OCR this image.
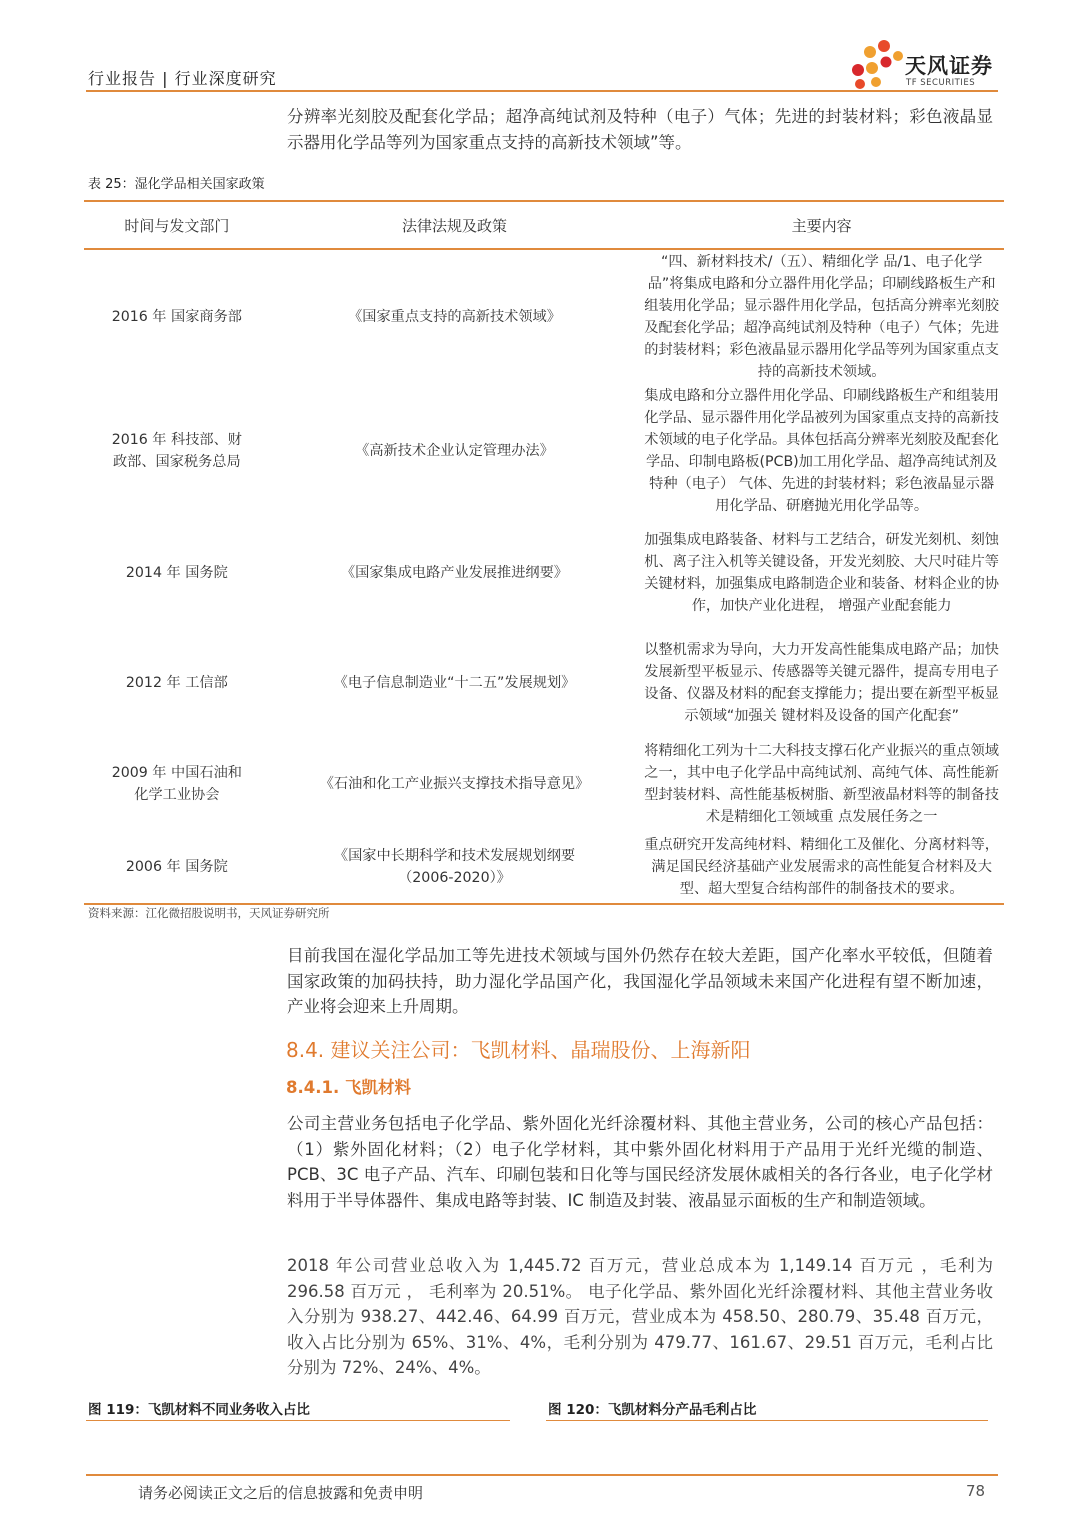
行业报告 | 行业深度研究
天风证券
TF SECURITIES
分辨率光刻胶及配套化学品；超净高纯试剂及特种（电子）气体；先进的封装材料；彩色液晶显示器用化学品等列为国家重点支持的高新技术领域”等。
表 25：湿化学品相关国家政策
时间与发文部门	法律法规及政策	主要内容
2016 年 国家商务部	《国家重点支持的高新技术领域》	“四、新材料技术/（五）、精细化学 品/1、电子化学品”将集成电路和分立器件用化学品；印刷线路板生产和组装用化学品；显示器件用化学品，包括高分辨率光刻胶及配套化学品；超净高纯试剂及特种（电子）气体；先进的封装材料；彩色液晶显示器用化学品等列为国家重点支持的高新技术领域。
2016 年 科技部、财政部、国家税务总局	《高新技术企业认定管理办法》	集成电路和分立器件用化学品、印刷线路板生产和组装用化学品、显示器件用化学品被列为国家重点支持的高新技术领域的电子化学品。具体包括高分辨率光刻胶及配套化学品、印制电路板(PCB)加工用化学品、超净高纯试剂及特种（电子） 气体、先进的封装材料；彩色液晶显示器用化学品、研磨抛光用化学品等。
2014 年 国务院	《国家集成电路产业发展推进纲要》	加强集成电路装备、材料与工艺结合，研发光刻机、刻蚀机、离子注入机等关键设备，开发光刻胶、大尺吋硅片等关键材料，加强集成电路制造企业和装备、材料企业的协作，加快产业化进程， 增强产业配套能力
2012 年 工信部	《电子信息制造业“十二五”发展规划》	以整机需求为导向，大力开发高性能集成电路产品；加快发展新型平板显示、传感器等关键元器件，提高专用电子设备、仪器及材料的配套支撑能力；提出要在新型平板显示领域“加强关 键材料及设备的国产化配套”
2009 年 中国石油和化学工业协会	《石油和化工产业振兴支撑技术指导意见》	将精细化工列为十二大科技支撑石化产业振兴的重点领域之一，其中电子化学品中高纯试剂、高纯气体、高性能新型封装材料、高性能基板树脂、新型液晶材料等的制备技术是精细化工领域重 点发展任务之一
2006 年 国务院	《国家中长期科学和技术发展规划纲要（2006-2020）》	重点研究开发高纯材料、精细化工及催化、分离材料等，满足国民经济基础产业发展需求的高性能复合材料及大型、超大型复合结构部件的制备技术的要求。
资料来源：江化微招股说明书，天风证券研究所
目前我国在湿化学品加工等先进技术领域与国外仍然存在较大差距，国产化率水平较低，但随着国家政策的加码扶持，助力湿化学品国产化，我国湿化学品领域未来国产化进程有望不断加速，产业将会迎来上升周期。
8.4. 建议关注公司：飞凯材料、晶瑞股份、上海新阳
8.4.1. 飞凯材料
公司主营业务包括电子化学品、紫外固化光纤涂覆材料、其他主营业务，公司的核心产品包括：（1）紫外固化材料；（2）电子化学材料，其中紫外固化材料用于产品用于光纤光缆的制造、PCB、3C 电子产品、汽车、印刷包装和日化等与国民经济发展休戚相关的各行各业，电子化学材料用于半导体器件、集成电路等封装、IC 制造及封装、液晶显示面板的生产和制造领域。
2018 年公司营业总收入为 1,445.72 百万元，营业总成本为 1,149.14 百万元 ，毛利为 296.58 百万元 ， 毛利率为 20.51%。 电子化学品、紫外固化光纤涂覆材料、其他主营业务收入分别为 938.27、442.46、64.99 百万元，营业成本为 458.50、280.79、35.48 百万元，收入占比分别为 65%、31%、4%，毛利分别为 479.77、161.67、29.51 百万元，毛利占比分别为 72%、24%、4%。
图 119：飞凯材料不同业务收入占比	图 120：飞凯材料分产品毛利占比
请务必阅读正文之后的信息披露和免责申明	78
